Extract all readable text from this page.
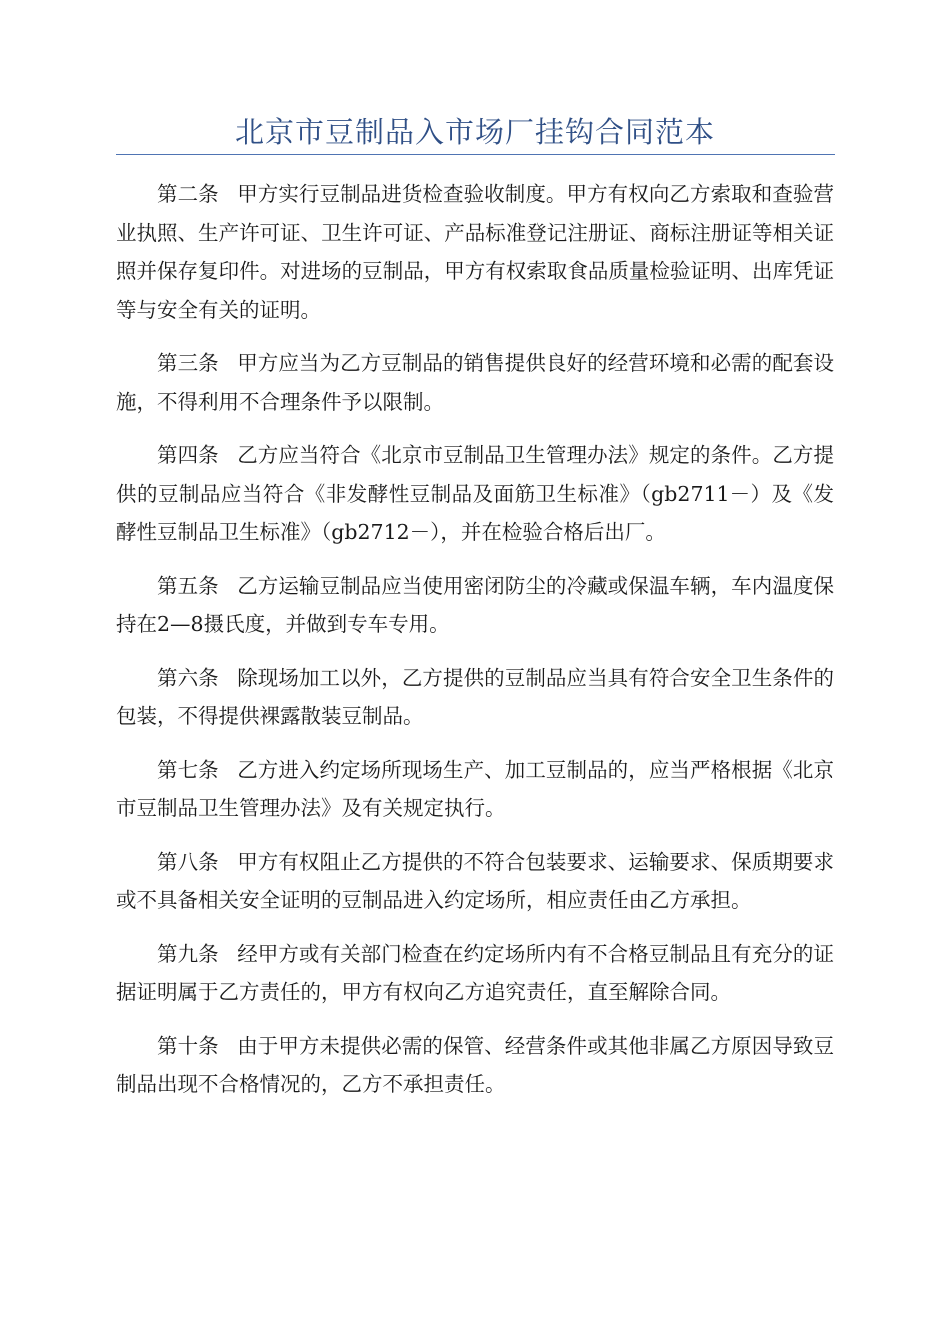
北京市豆制品入市场厂挂钩合同范本

第二条 甲方实行豆制品进货检查验收制度。甲方有权向乙方索取和查验营业执照、生产许可证、卫生许可证、产品标准登记注册证、商标注册证等相关证照并保存复印件。对进场的豆制品，甲方有权索取食品质量检验证明、出库凭证等与安全有关的证明。

第三条 甲方应当为乙方豆制品的销售提供良好的经营环境和必需的配套设施，不得利用不合理条件予以限制。

第四条 乙方应当符合《北京市豆制品卫生管理办法》规定的条件。乙方提供的豆制品应当符合《非发酵性豆制品及面筋卫生标准》（gb2711－）及《发酵性豆制品卫生标准》（gb2712－），并在检验合格后出厂。

第五条 乙方运输豆制品应当使用密闭防尘的冷藏或保温车辆，车内温度保持在2—8摄氏度，并做到专车专用。

第六条 除现场加工以外，乙方提供的豆制品应当具有符合安全卫生条件的包装，不得提供裸露散装豆制品。

第七条 乙方进入约定场所现场生产、加工豆制品的，应当严格根据《北京市豆制品卫生管理办法》及有关规定执行。

第八条 甲方有权阻止乙方提供的不符合包装要求、运输要求、保质期要求或不具备相关安全证明的豆制品进入约定场所，相应责任由乙方承担。

第九条 经甲方或有关部门检查在约定场所内有不合格豆制品且有充分的证据证明属于乙方责任的，甲方有权向乙方追究责任，直至解除合同。

第十条 由于甲方未提供必需的保管、经营条件或其他非属乙方原因导致豆制品出现不合格情况的，乙方不承担责任。
